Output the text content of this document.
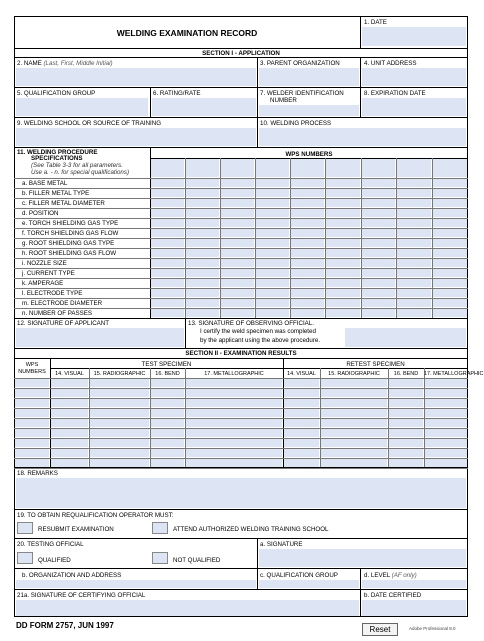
WELDING EXAMINATION RECORD
1. DATE
SECTION I - APPLICATION
2. NAME (Last, First, Middle Initial)	3. PARENT ORGANIZATION	4. UNIT ADDRESS
5. QUALIFICATION GROUP	6. RATING/RATE	7. WELDER IDENTIFICATION
NUMBER
8. EXPIRATION DATE
9. WELDING SCHOOL OR SOURCE OF TRAINING	10. WELDING PROCESS
11. WELDING PROCEDURE
SPECIFICATIONS
(See Table 3-3 for all parameters.
Use a. - n. for special qualifications)
WPS NUMBERS
a. BASE METAL
b. FILLER METAL TYPE
c. FILLER METAL DIAMETER
d. POSITION
e. TORCH SHIELDING GAS TYPE
f. TORCH SHIELDING GAS FLOW
g. ROOT SHIELDING GAS TYPE
h. ROOT SHIELDING GAS FLOW
i. NOZZLE SIZE
j. CURRENT TYPE
k. AMPERAGE
l. ELECTRODE TYPE
m. ELECTRODE DIAMETER
n. NUMBER OF PASSES
12. SIGNATURE OF APPLICANT	13. SIGNATURE OF OBSERVING OFFICIAL.
I certify the weld specimen was completed
by the applicant using the above procedure.
SECTION II - EXAMINATION RESULTS
WPS
NUMBERS
TEST SPECIMEN	RETEST SPECIMEN
14. VISUAL	15. RADIOGRAPHIC	16. BEND	17. METALLOGRAPHIC	14. VISUAL	15. RADIOGRAPHIC	16. BEND	17. METALLOGRAPHIC
18. REMARKS
19. TO OBTAIN REQUALIFICATION OPERATOR MUST:
RESUBMIT EXAMINATION	ATTEND AUTHORIZED WELDING TRAINING SCHOOL
20. TESTING OFFICIAL
QUALIFIED	NOT QUALIFIED
a. SIGNATURE
b. ORGANIZATION AND ADDRESS	c. QUALIFICATION GROUP	d. LEVEL (AF only)
21a. SIGNATURE OF CERTIFYING OFFICIAL	b. DATE CERTIFIED
DD FORM 2757, JUN 1997	Reset	Adobe Professional 8.0
